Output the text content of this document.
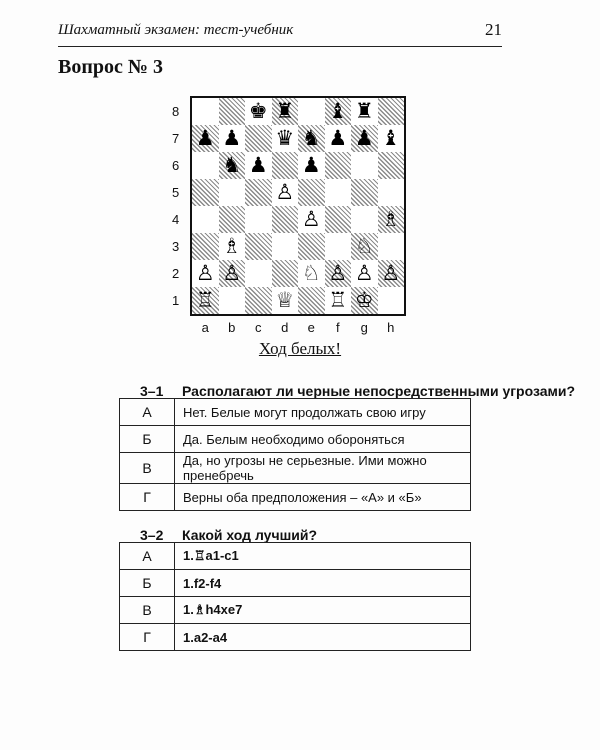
Шахматный экзамен: тест-учебник	21
Вопрос № 3
8
7
6
5
4
3
2
1
♚ ♜ ♝ ♜
♟ ♟ ♛ ♞ ♟ ♟ ♝
♞ ♟ ♟
♙
♙	♗
♗	♘
♙ ♙	♘ ♙ ♙ ♙
♖	♕ ♖ ♔
a	b	c	d	e	f	g	h
Ход белых!
3–1 Располагают ли черные непосредственными угрозами?
А	Нет. Белые могут продолжать свою игру
Б	Да. Белым необходимо обороняться
В	Да, но угрозы не серьезные. Ими можно пренебречь
Г	Верны оба предположения – «А» и «Б»
3–2 Какой ход лучший?
А	1.♖a1-c1
Б	1.f2-f4
В	1.♗h4xe7
Г	1.a2-a4
